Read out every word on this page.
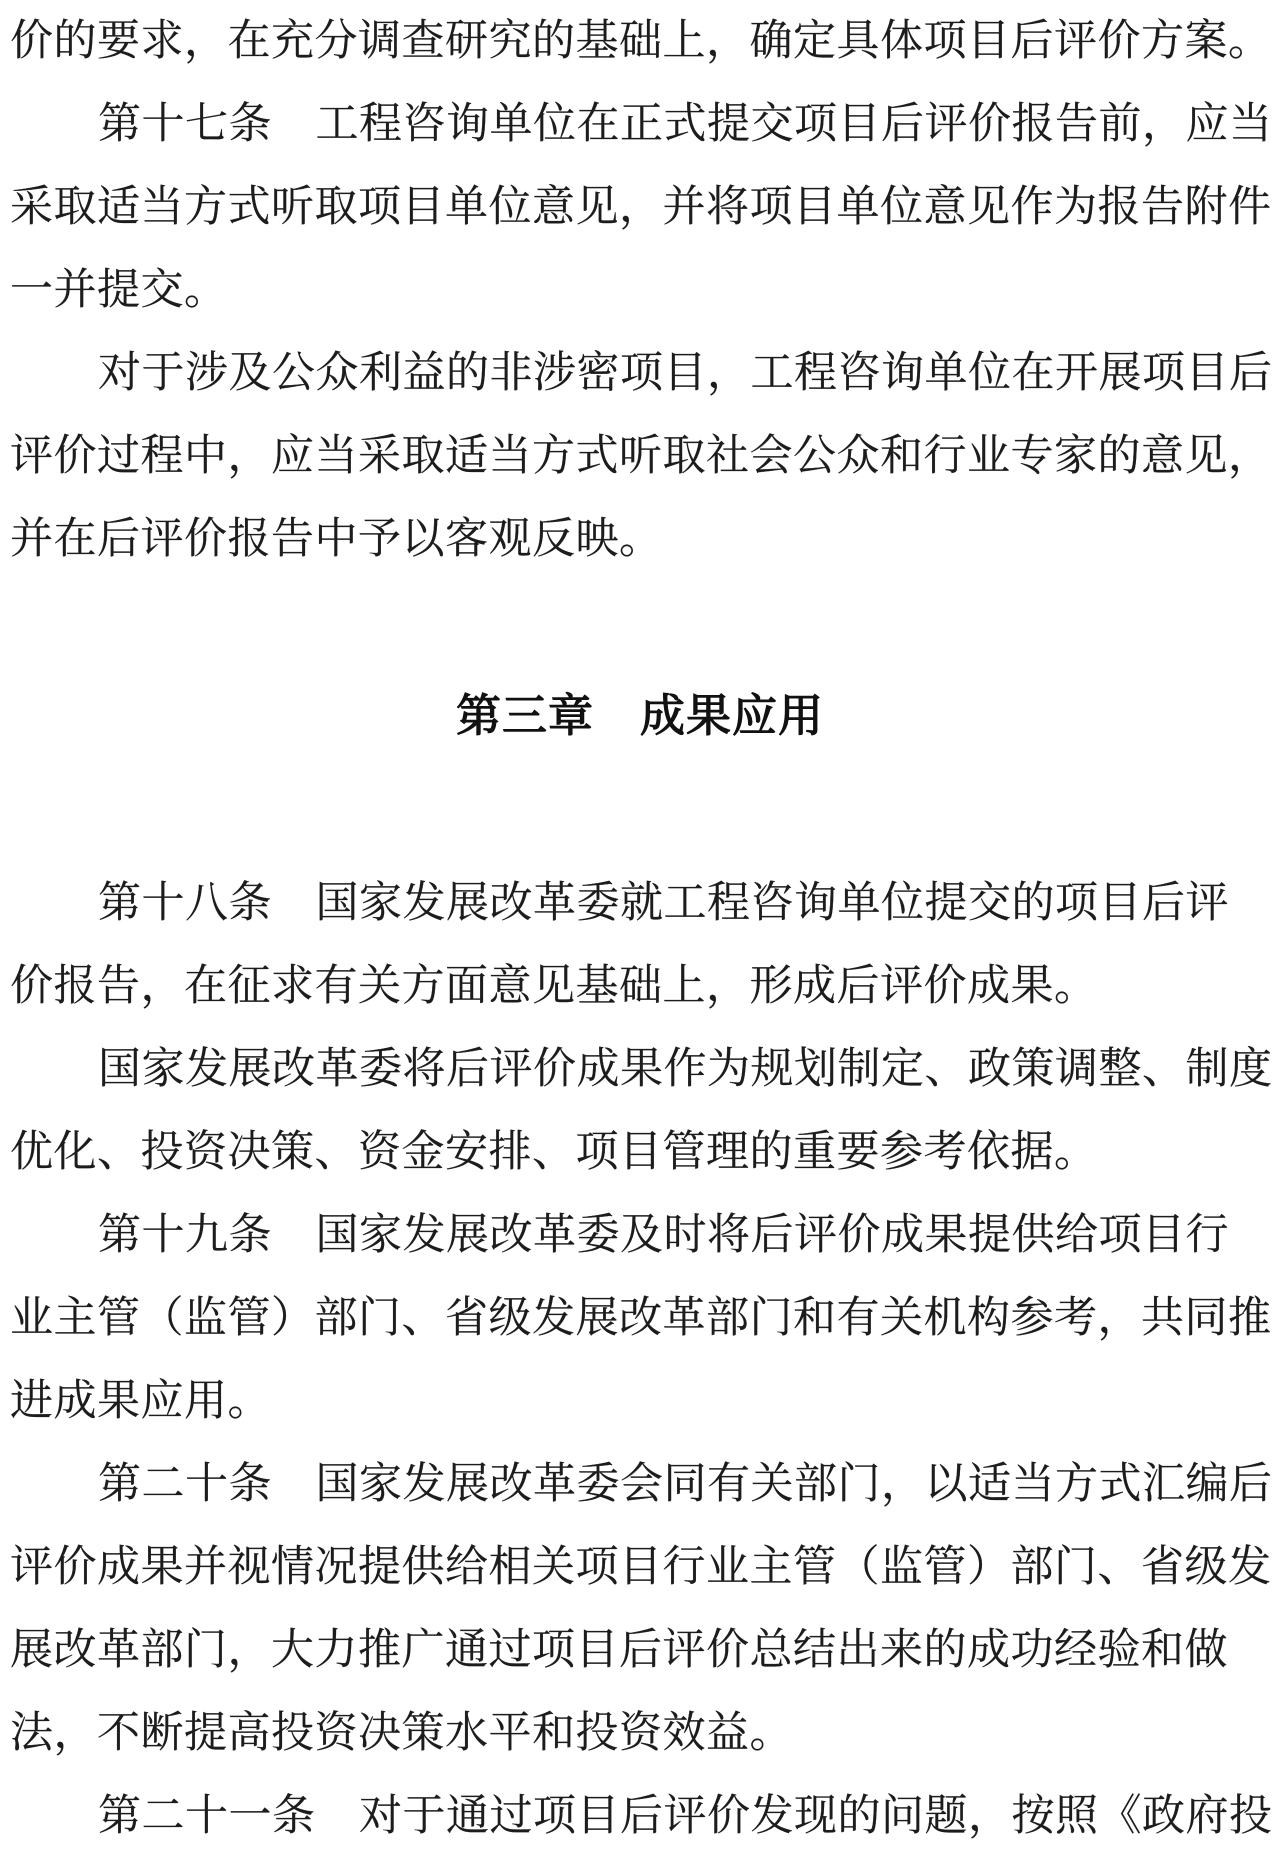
价的要求，在充分调查研究的基础上，确定具体项目后评价方案。
第十七条　工程咨询单位在正式提交项目后评价报告前，应当
采取适当方式听取项目单位意见，并将项目单位意见作为报告附件
一并提交。
对于涉及公众利益的非涉密项目，工程咨询单位在开展项目后
评价过程中，应当采取适当方式听取社会公众和行业专家的意见，
并在后评价报告中予以客观反映。
第三章　成果应用
第十八条　国家发展改革委就工程咨询单位提交的项目后评
价报告，在征求有关方面意见基础上，形成后评价成果。
国家发展改革委将后评价成果作为规划制定、政策调整、制度
优化、投资决策、资金安排、项目管理的重要参考依据。
第十九条　国家发展改革委及时将后评价成果提供给项目行
业主管（监管）部门、省级发展改革部门和有关机构参考，共同推
进成果应用。
第二十条　国家发展改革委会同有关部门，以适当方式汇编后
评价成果并视情况提供给相关项目行业主管（监管）部门、省级发
展改革部门，大力推广通过项目后评价总结出来的成功经验和做
法，不断提高投资决策水平和投资效益。
第二十一条　对于通过项目后评价发现的问题，按照《政府投
